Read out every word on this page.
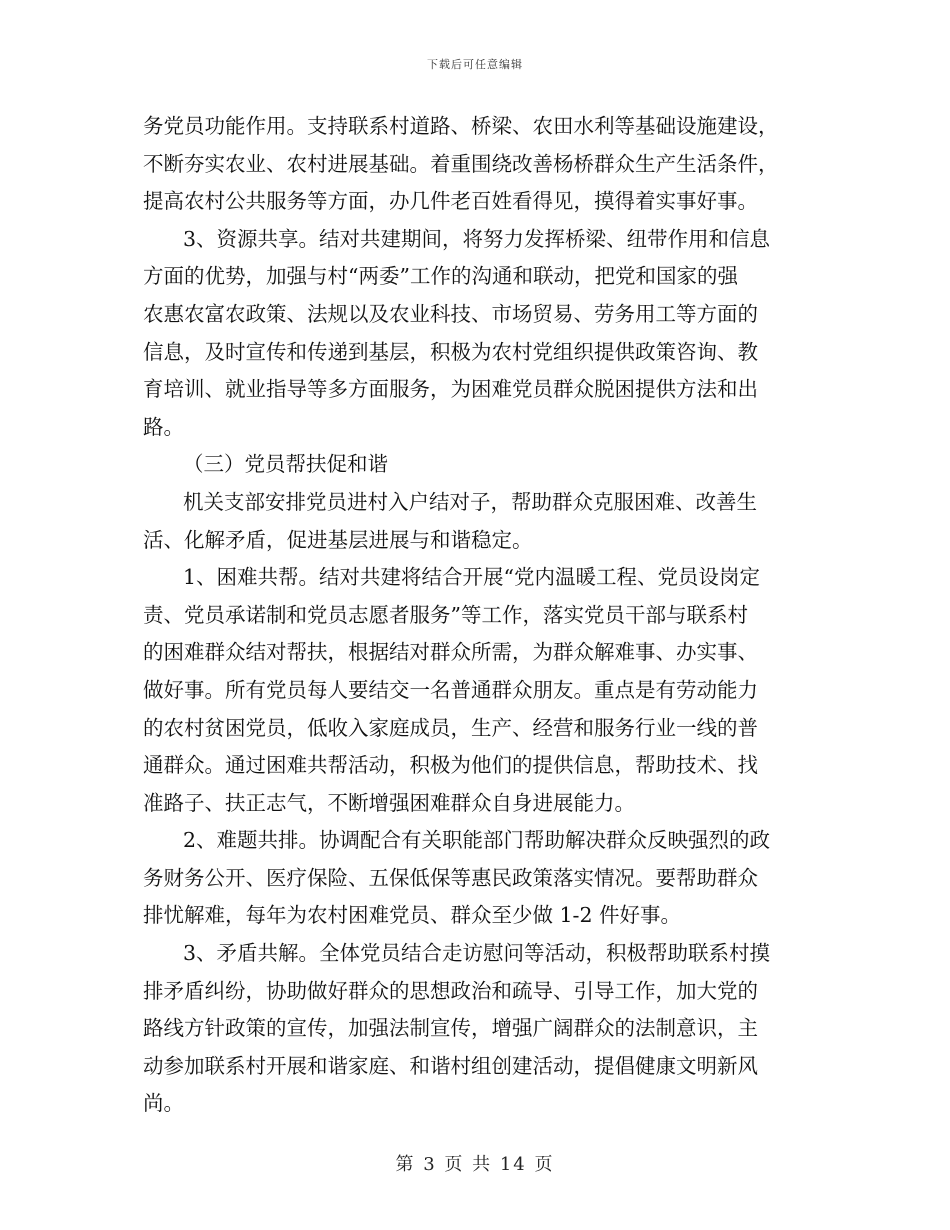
下载后可任意编辑
务党员功能作用。支持联系村道路、桥梁、农田水利等基础设施建设，
不断夯实农业、农村进展基础。着重围绕改善杨桥群众生产生活条件，
提高农村公共服务等方面，办几件老百姓看得见，摸得着实事好事。
3、资源共享。结对共建期间，将努力发挥桥梁、纽带作用和信息
方面的优势，加强与村“两委”工作的沟通和联动，把党和国家的强
农惠农富农政策、法规以及农业科技、市场贸易、劳务用工等方面的
信息，及时宣传和传递到基层，积极为农村党组织提供政策咨询、教
育培训、就业指导等多方面服务，为困难党员群众脱困提供方法和出
路。
（三）党员帮扶促和谐
机关支部安排党员进村入户结对子，帮助群众克服困难、改善生
活、化解矛盾，促进基层进展与和谐稳定。
1、困难共帮。结对共建将结合开展“党内温暖工程、党员设岗定
责、党员承诺制和党员志愿者服务”等工作，落实党员干部与联系村
的困难群众结对帮扶，根据结对群众所需，为群众解难事、办实事、
做好事。所有党员每人要结交一名普通群众朋友。重点是有劳动能力
的农村贫困党员，低收入家庭成员，生产、经营和服务行业一线的普
通群众。通过困难共帮活动，积极为他们的提供信息，帮助技术、找
准路子、扶正志气，不断增强困难群众自身进展能力。
2、难题共排。协调配合有关职能部门帮助解决群众反映强烈的政
务财务公开、医疗保险、五保低保等惠民政策落实情况。要帮助群众
排忧解难，每年为农村困难党员、群众至少做 1-2 件好事。
3、矛盾共解。全体党员结合走访慰问等活动，积极帮助联系村摸
排矛盾纠纷，协助做好群众的思想政治和疏导、引导工作，加大党的
路线方针政策的宣传，加强法制宣传，增强广阔群众的法制意识，主
动参加联系村开展和谐家庭、和谐村组创建活动，提倡健康文明新风
尚。
第 3 页 共 14 页
